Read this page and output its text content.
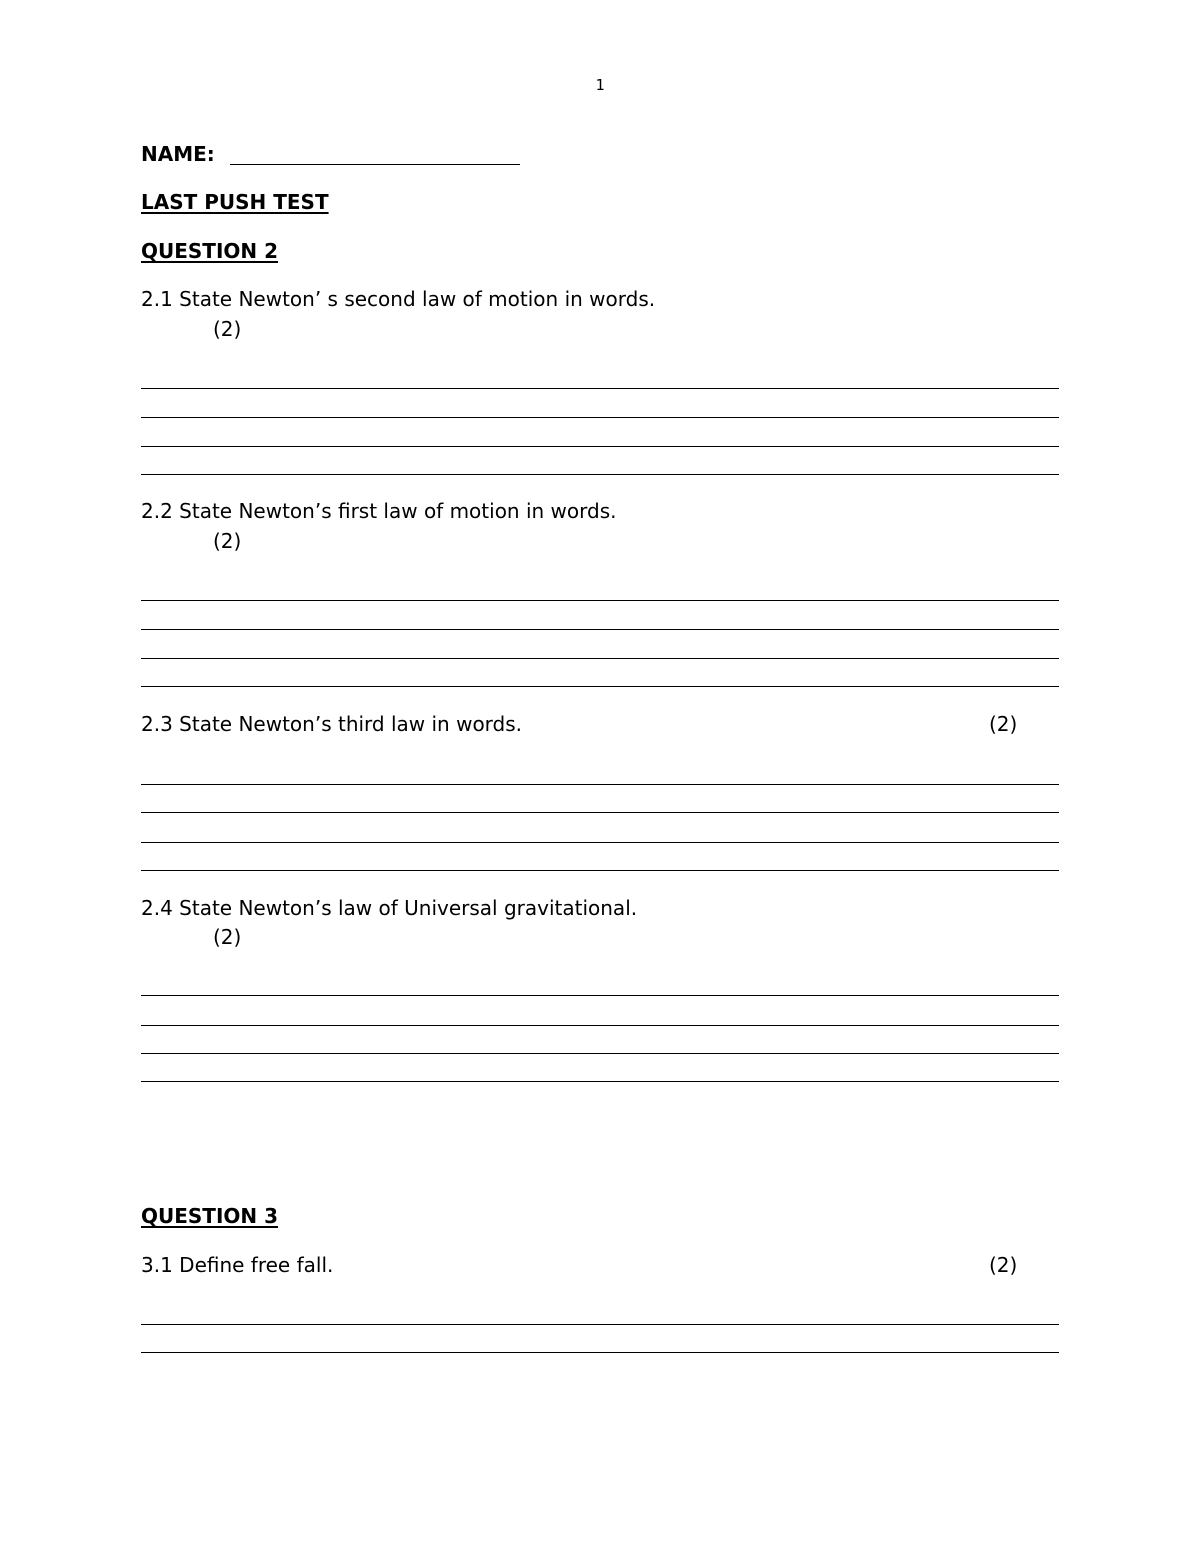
1
NAME:
LAST PUSH TEST
QUESTION 2
2.1 State Newton’ s second law of motion in words.
(2)
2.2 State Newton’s first law of motion in words.
(2)
2.3 State Newton’s third law in words.	(2)
2.4 State Newton’s law of Universal gravitational.
(2)
QUESTION 3
3.1 Define free fall.	(2)
